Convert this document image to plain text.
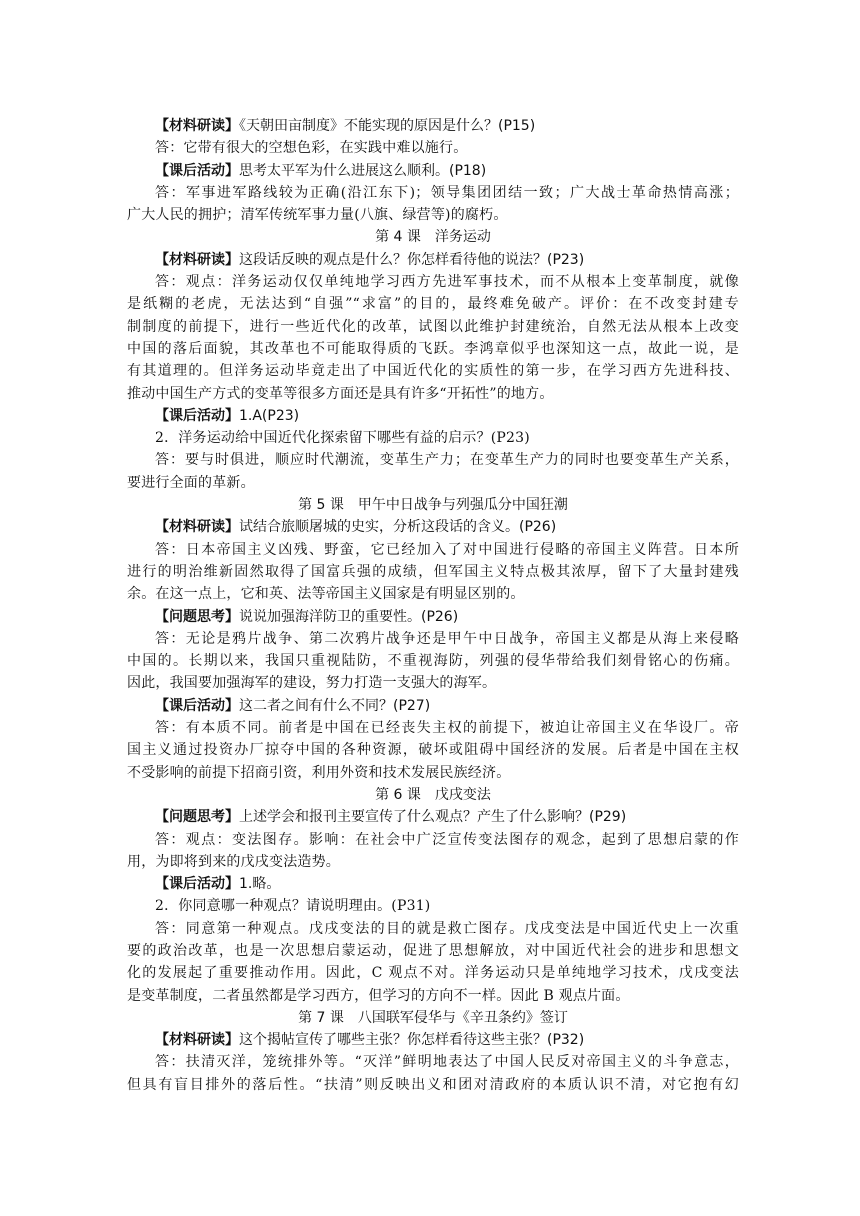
【材料研读】《天朝田亩制度》不能实现的原因是什么？(P15)
答：它带有很大的空想色彩，在实践中难以施行。
【课后活动】思考太平军为什么进展这么顺利。(P18)
答：军事进军路线较为正确(沿江东下)；领导集团团结一致；广大战士革命热情高涨；
广大人民的拥护；清军传统军事力量(八旗、绿营等)的腐朽。
第 4 课　洋务运动
【材料研读】这段话反映的观点是什么？你怎样看待他的说法？(P23)
答：观点：洋务运动仅仅单纯地学习西方先进军事技术，而不从根本上变革制度，就像
是纸糊的老虎，无法达到“自强”“求富”的目的，最终难免破产。评价：在不改变封建专
制制度的前提下，进行一些近代化的改革，试图以此维护封建统治，自然无法从根本上改变
中国的落后面貌，其改革也不可能取得质的飞跃。李鸿章似乎也深知这一点，故此一说，是
有其道理的。但洋务运动毕竟走出了中国近代化的实质性的第一步，在学习西方先进科技、
推动中国生产方式的变革等很多方面还是具有许多“开拓性”的地方。
【课后活动】1.A(P23)
2．洋务运动给中国近代化探索留下哪些有益的启示？(P23)
答：要与时俱进，顺应时代潮流，变革生产力；在变革生产力的同时也要变革生产关系，
要进行全面的革新。
第 5 课　甲午中日战争与列强瓜分中国狂潮
【材料研读】试结合旅顺屠城的史实，分析这段话的含义。(P26)
答：日本帝国主义凶残、野蛮，它已经加入了对中国进行侵略的帝国主义阵营。日本所
进行的明治维新固然取得了国富兵强的成绩，但军国主义特点极其浓厚，留下了大量封建残
余。在这一点上，它和英、法等帝国主义国家是有明显区别的。
【问题思考】说说加强海洋防卫的重要性。(P26)
答：无论是鸦片战争、第二次鸦片战争还是甲午中日战争，帝国主义都是从海上来侵略
中国的。长期以来，我国只重视陆防，不重视海防，列强的侵华带给我们刻骨铭心的伤痛。
因此，我国要加强海军的建设，努力打造一支强大的海军。
【课后活动】这二者之间有什么不同？(P27)
答：有本质不同。前者是中国在已经丧失主权的前提下，被迫让帝国主义在华设厂。帝
国主义通过投资办厂掠夺中国的各种资源，破坏或阻碍中国经济的发展。后者是中国在主权
不受影响的前提下招商引资，利用外资和技术发展民族经济。
第 6 课　戊戌变法
【问题思考】上述学会和报刊主要宣传了什么观点？产生了什么影响？(P29)
答：观点：变法图存。影响：在社会中广泛宣传变法图存的观念，起到了思想启蒙的作
用，为即将到来的戊戌变法造势。
【课后活动】1.略。
2．你同意哪一种观点？请说明理由。(P31)
答：同意第一种观点。戊戌变法的目的就是救亡图存。戊戌变法是中国近代史上一次重
要的政治改革，也是一次思想启蒙运动，促进了思想解放，对中国近代社会的进步和思想文
化的发展起了重要推动作用。因此，C 观点不对。洋务运动只是单纯地学习技术，戊戌变法
是变革制度，二者虽然都是学习西方，但学习的方向不一样。因此 B 观点片面。
第 7 课　八国联军侵华与《辛丑条约》签订
【材料研读】这个揭帖宣传了哪些主张？你怎样看待这些主张？(P32)
答：扶清灭洋，笼统排外等。“灭洋”鲜明地表达了中国人民反对帝国主义的斗争意志，
但具有盲目排外的落后性。“扶清”则反映出义和团对清政府的本质认识不清，对它抱有幻
